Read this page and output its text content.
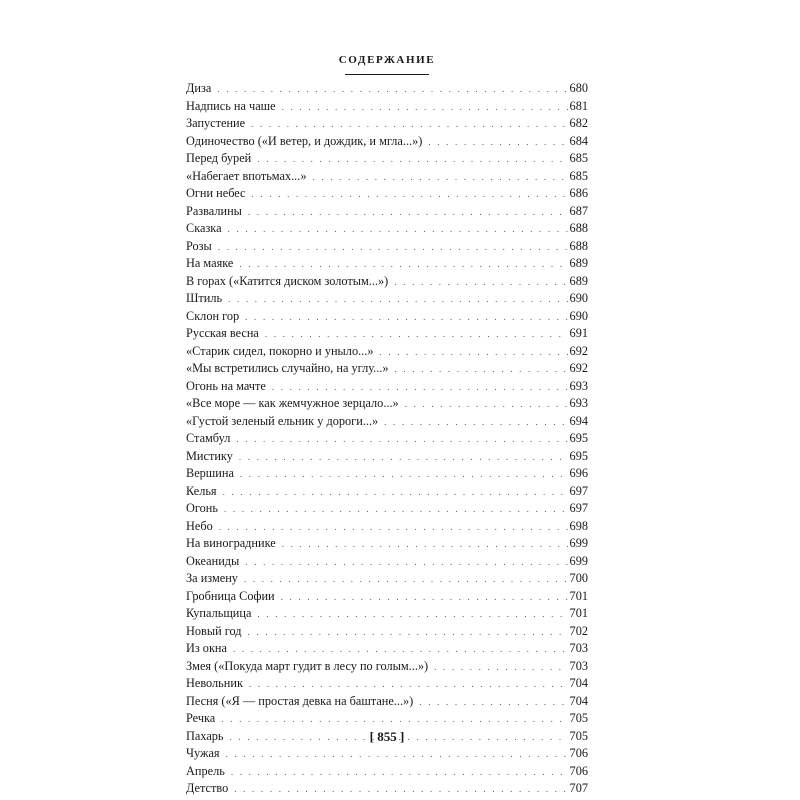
СОДЕРЖАНИЕ
Диза . . .	680
Надпись на чаше . . .	681
Запустение . . .	682
Одиночество («И ветер, и дождик, и мгла...») . . .	684
Перед бурей . . .	685
«Набегает впотьмах...» . . .	685
Огни небес . . .	686
Развалины . . .	687
Сказка . . .	688
Розы . . .	688
На маяке . . .	689
В горах («Катится диском золотым...») . . .	689
Штиль . . .	690
Склон гор . . .	690
Русская весна . . .	691
«Старик сидел, покорно и уныло...» . . .	692
«Мы встретились случайно, на углу...» . . .	692
Огонь на мачте . . .	693
«Все море — как жемчужное зерцало...» . . .	693
«Густой зеленый ельник у дороги...» . . .	694
Стамбул . . .	695
Мистику . . .	695
Вершина . . .	696
Келья . . .	697
Огонь . . .	697
Небо . . .	698
На винограднике . . .	699
Океаниды . . .	699
За измену . . .	700
Гробница Софии . . .	701
Купальщица . . .	701
Новый год . . .	702
Из окна . . .	703
Змея («Покуда март гудит в лесу по голым...») . . .	703
Невольник . . .	704
Песня («Я — простая девка на баштане...») . . .	704
Речка . . .	705
Пахарь . . .	705
Чужая . . .	706
Апрель . . .	706
Детство . . .	707
[ 855 ]
